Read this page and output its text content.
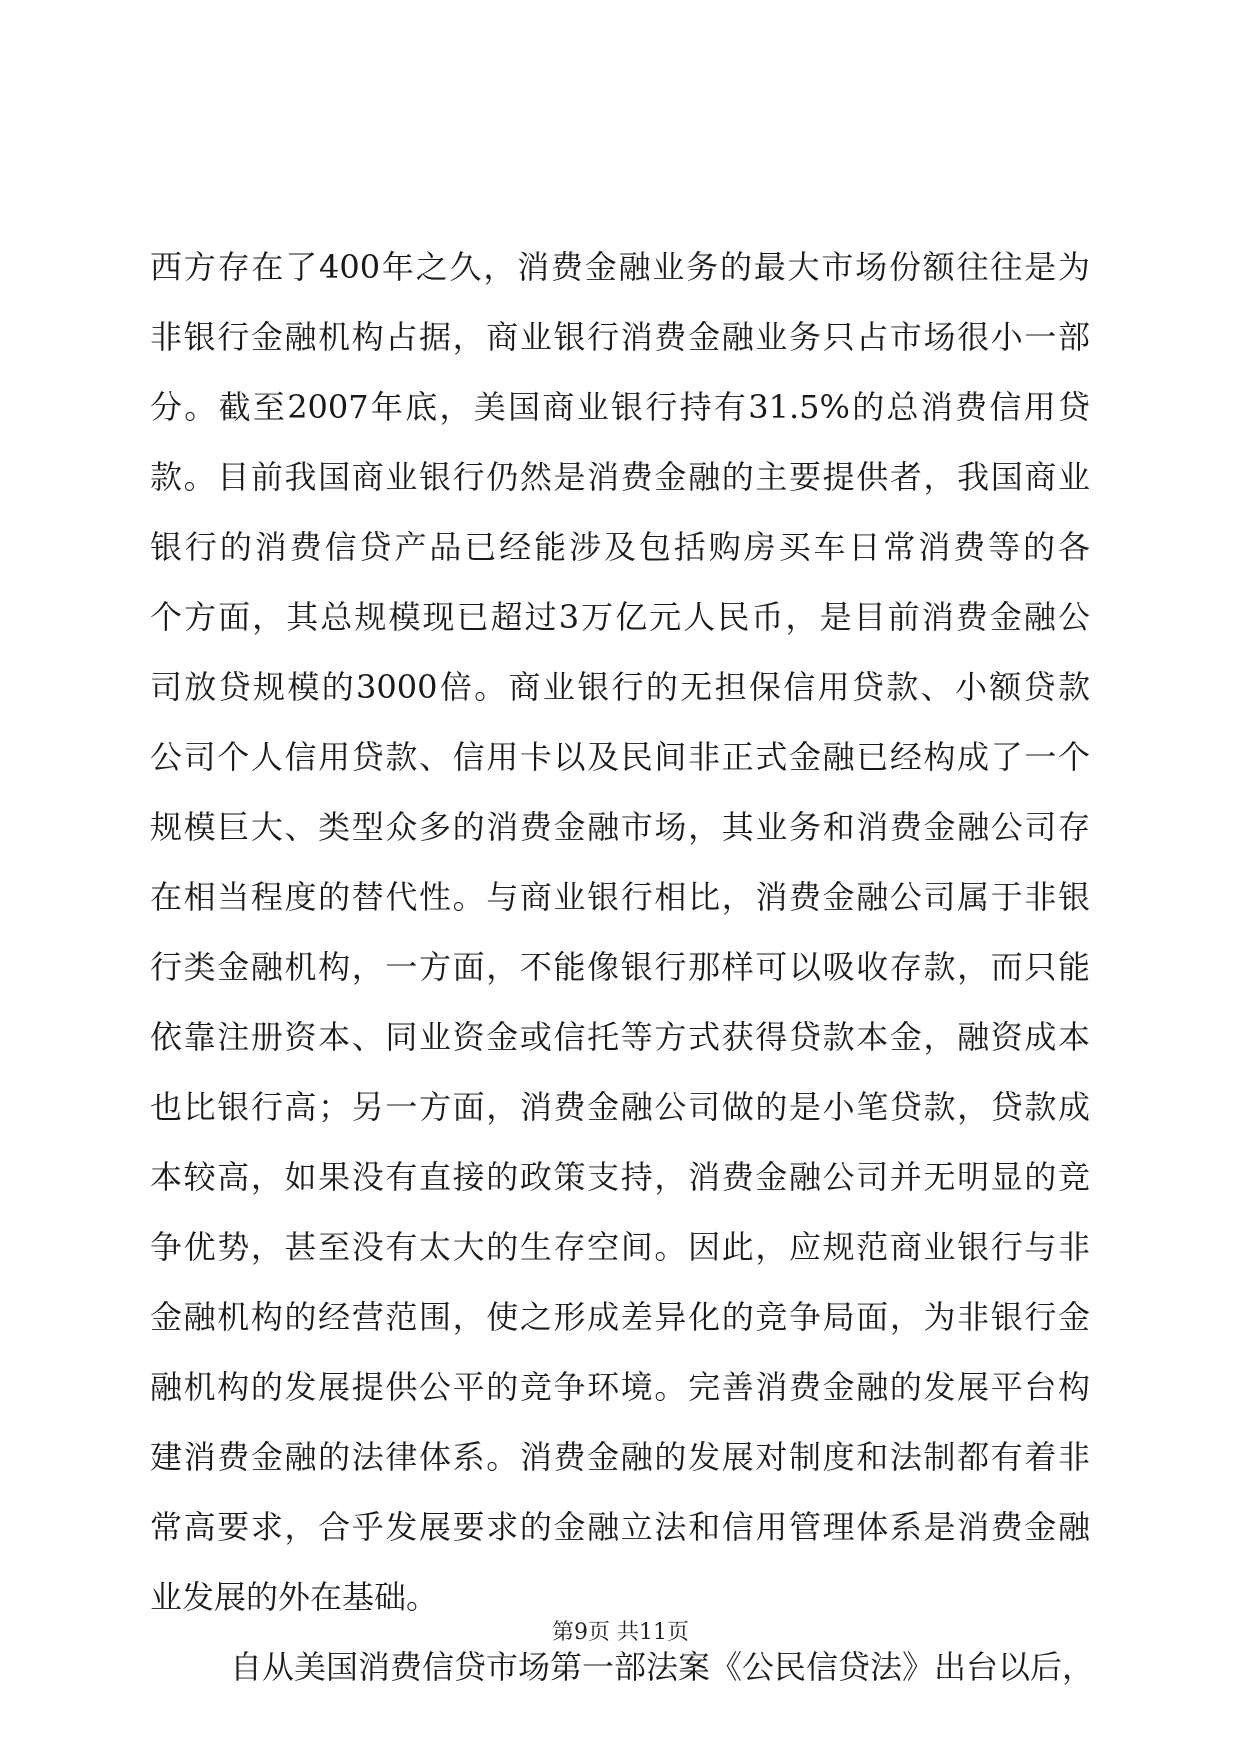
西方存在了400年之久，消费金融业务的最大市场份额往往是为
非银行金融机构占据，商业银行消费金融业务只占市场很小一部
分。截至2007年底，美国商业银行持有31.5%的总消费信用贷
款。目前我国商业银行仍然是消费金融的主要提供者，我国商业
银行的消费信贷产品已经能涉及包括购房买车日常消费等的各
个方面，其总规模现已超过3万亿元人民币，是目前消费金融公
司放贷规模的3000倍。商业银行的无担保信用贷款、小额贷款
公司个人信用贷款、信用卡以及民间非正式金融已经构成了一个
规模巨大、类型众多的消费金融市场，其业务和消费金融公司存
在相当程度的替代性。与商业银行相比，消费金融公司属于非银
行类金融机构，一方面，不能像银行那样可以吸收存款，而只能
依靠注册资本、同业资金或信托等方式获得贷款本金，融资成本
也比银行高；另一方面，消费金融公司做的是小笔贷款，贷款成
本较高，如果没有直接的政策支持，消费金融公司并无明显的竞
争优势，甚至没有太大的生存空间。因此，应规范商业银行与非
金融机构的经营范围，使之形成差异化的竞争局面，为非银行金
融机构的发展提供公平的竞争环境。完善消费金融的发展平台构
建消费金融的法律体系。消费金融的发展对制度和法制都有着非
常高要求，合乎发展要求的金融立法和信用管理体系是消费金融
业发展的外在基础。
自从美国消费信贷市场第一部法案《公民信贷法》出台以后，
第9页 共11页
